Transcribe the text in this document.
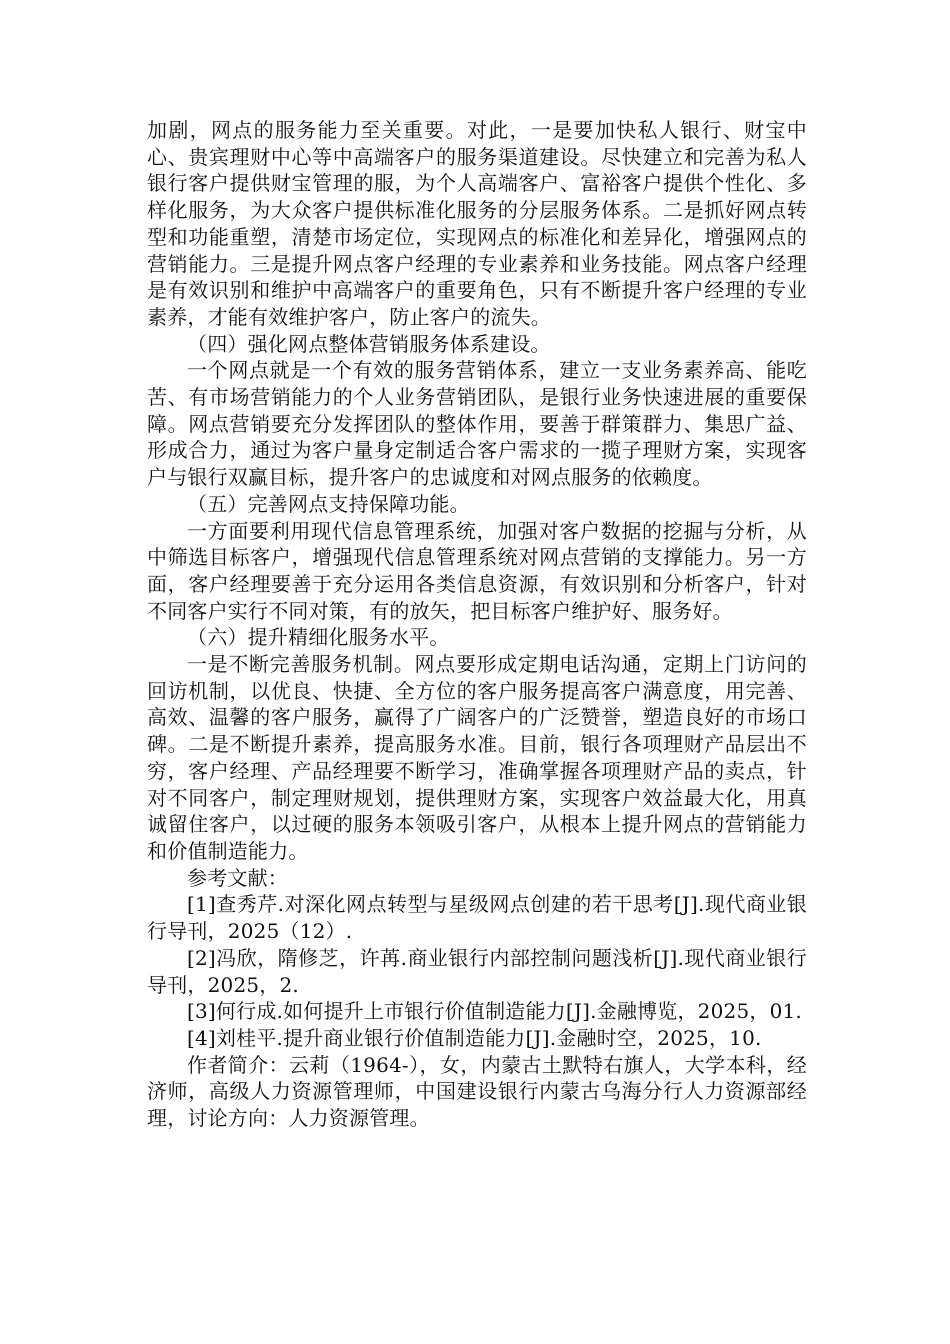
加剧，网点的服务能力至关重要。对此，一是要加快私人银行、财宝中心、贵宾理财中心等中高端客户的服务渠道建设。尽快建立和完善为私人银行客户提供财宝管理的服，为个人高端客户、富裕客户提供个性化、多样化服务，为大众客户提供标准化服务的分层服务体系。二是抓好网点转型和功能重塑，清楚市场定位，实现网点的标准化和差异化，增强网点的营销能力。三是提升网点客户经理的专业素养和业务技能。网点客户经理是有效识别和维护中高端客户的重要角色，只有不断提升客户经理的专业素养，才能有效维护客户，防止客户的流失。

（四）强化网点整体营销服务体系建设。

一个网点就是一个有效的服务营销体系，建立一支业务素养高、能吃苦、有市场营销能力的个人业务营销团队，是银行业务快速进展的重要保障。网点营销要充分发挥团队的整体作用，要善于群策群力、集思广益、形成合力，通过为客户量身定制适合客户需求的一揽子理财方案，实现客户与银行双赢目标，提升客户的忠诚度和对网点服务的依赖度。

（五）完善网点支持保障功能。

一方面要利用现代信息管理系统，加强对客户数据的挖掘与分析，从中筛选目标客户，增强现代信息管理系统对网点营销的支撑能力。另一方面，客户经理要善于充分运用各类信息资源，有效识别和分析客户，针对不同客户实行不同对策，有的放矢，把目标客户维护好、服务好。

（六）提升精细化服务水平。

一是不断完善服务机制。网点要形成定期电话沟通，定期上门访问的回访机制，以优良、快捷、全方位的客户服务提高客户满意度，用完善、高效、温馨的客户服务，赢得了广阔客户的广泛赞誉，塑造良好的市场口碑。二是不断提升素养，提高服务水准。目前，银行各项理财产品层出不穷，客户经理、产品经理要不断学习，准确掌握各项理财产品的卖点，针对不同客户，制定理财规划，提供理财方案，实现客户效益最大化，用真诚留住客户，以过硬的服务本领吸引客户，从根本上提升网点的营销能力和价值制造能力。

参考文献：

[1]查秀芹.对深化网点转型与星级网点创建的若干思考[J].现代商业银行导刊，2025（12）.

[2]冯欣，隋修芝，许苒.商业银行内部控制问题浅析[J].现代商业银行导刊，2025，2.

[3]何行成.如何提升上市银行价值制造能力[J].金融博览，2025，01.

[4]刘桂平.提升商业银行价值制造能力[J].金融时空，2025，10.

作者简介：云莉（1964-），女，内蒙古土默特右旗人，大学本科，经济师，高级人力资源管理师，中国建设银行内蒙古乌海分行人力资源部经理，讨论方向：人力资源管理。
